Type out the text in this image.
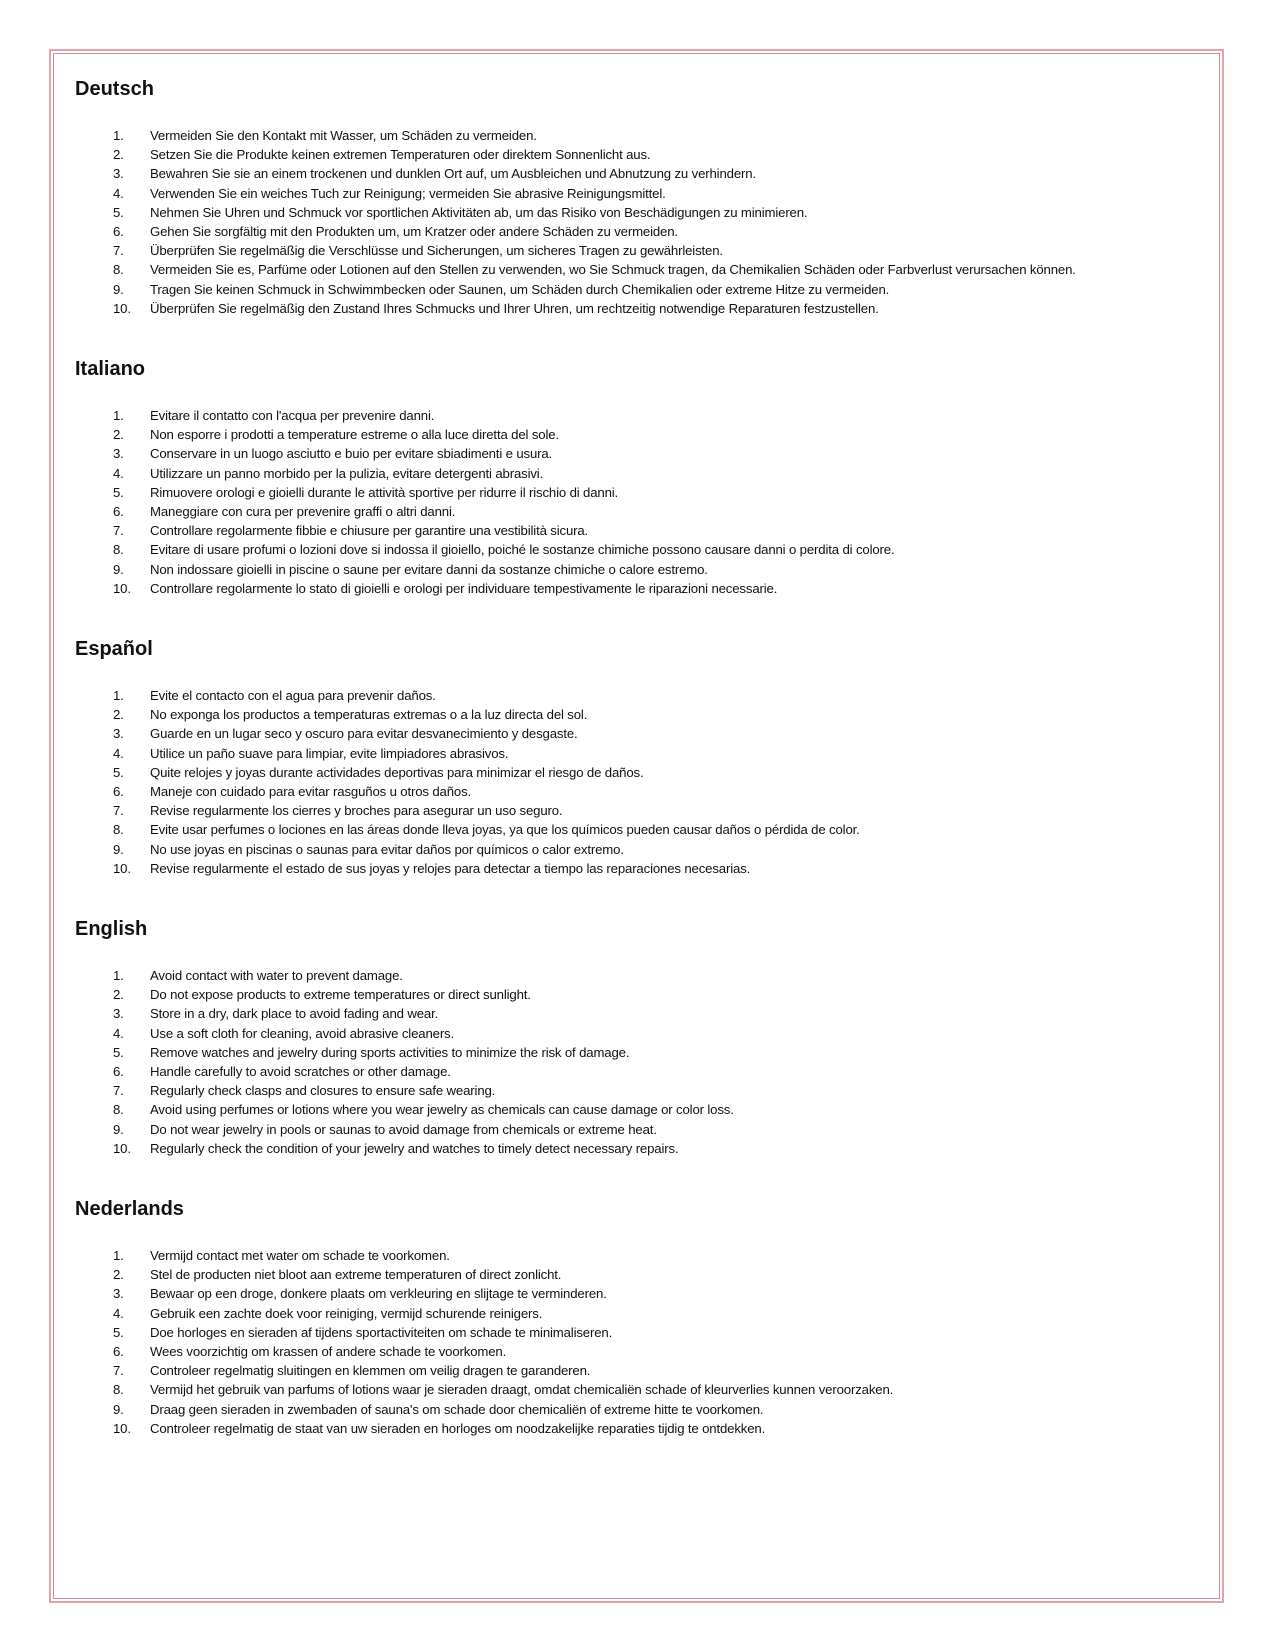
Deutsch
1.	Vermeiden Sie den Kontakt mit Wasser, um Schäden zu vermeiden.
2.	Setzen Sie die Produkte keinen extremen Temperaturen oder direktem Sonnenlicht aus.
3.	Bewahren Sie sie an einem trockenen und dunklen Ort auf, um Ausbleichen und Abnutzung zu verhindern.
4.	Verwenden Sie ein weiches Tuch zur Reinigung; vermeiden Sie abrasive Reinigungsmittel.
5.	Nehmen Sie Uhren und Schmuck vor sportlichen Aktivitäten ab, um das Risiko von Beschädigungen zu minimieren.
6.	Gehen Sie sorgfältig mit den Produkten um, um Kratzer oder andere Schäden zu vermeiden.
7.	Überprüfen Sie regelmäßig die Verschlüsse und Sicherungen, um sicheres Tragen zu gewährleisten.
8.	Vermeiden Sie es, Parfüme oder Lotionen auf den Stellen zu verwenden, wo Sie Schmuck tragen, da Chemikalien Schäden oder Farbverlust verursachen können.
9.	Tragen Sie keinen Schmuck in Schwimmbecken oder Saunen, um Schäden durch Chemikalien oder extreme Hitze zu vermeiden.
10.	Überprüfen Sie regelmäßig den Zustand Ihres Schmucks und Ihrer Uhren, um rechtzeitig notwendige Reparaturen festzustellen.
Italiano
1.	Evitare il contatto con l'acqua per prevenire danni.
2.	Non esporre i prodotti a temperature estreme o alla luce diretta del sole.
3.	Conservare in un luogo asciutto e buio per evitare sbiadimenti e usura.
4.	Utilizzare un panno morbido per la pulizia, evitare detergenti abrasivi.
5.	Rimuovere orologi e gioielli durante le attività sportive per ridurre il rischio di danni.
6.	Maneggiare con cura per prevenire graffi o altri danni.
7.	Controllare regolarmente fibbie e chiusure per garantire una vestibilità sicura.
8.	Evitare di usare profumi o lozioni dove si indossa il gioiello, poiché le sostanze chimiche possono causare danni o perdita di colore.
9.	Non indossare gioielli in piscine o saune per evitare danni da sostanze chimiche o calore estremo.
10.	Controllare regolarmente lo stato di gioielli e orologi per individuare tempestivamente le riparazioni necessarie.
Español
1.	Evite el contacto con el agua para prevenir daños.
2.	No exponga los productos a temperaturas extremas o a la luz directa del sol.
3.	Guarde en un lugar seco y oscuro para evitar desvanecimiento y desgaste.
4.	Utilice un paño suave para limpiar, evite limpiadores abrasivos.
5.	Quite relojes y joyas durante actividades deportivas para minimizar el riesgo de daños.
6.	Maneje con cuidado para evitar rasguños u otros daños.
7.	Revise regularmente los cierres y broches para asegurar un uso seguro.
8.	Evite usar perfumes o lociones en las áreas donde lleva joyas, ya que los químicos pueden causar daños o pérdida de color.
9.	No use joyas en piscinas o saunas para evitar daños por químicos o calor extremo.
10.	Revise regularmente el estado de sus joyas y relojes para detectar a tiempo las reparaciones necesarias.
English
1.	Avoid contact with water to prevent damage.
2.	Do not expose products to extreme temperatures or direct sunlight.
3.	Store in a dry, dark place to avoid fading and wear.
4.	Use a soft cloth for cleaning, avoid abrasive cleaners.
5.	Remove watches and jewelry during sports activities to minimize the risk of damage.
6.	Handle carefully to avoid scratches or other damage.
7.	Regularly check clasps and closures to ensure safe wearing.
8.	Avoid using perfumes or lotions where you wear jewelry as chemicals can cause damage or color loss.
9.	Do not wear jewelry in pools or saunas to avoid damage from chemicals or extreme heat.
10.	Regularly check the condition of your jewelry and watches to timely detect necessary repairs.
Nederlands
1.	Vermijd contact met water om schade te voorkomen.
2.	Stel de producten niet bloot aan extreme temperaturen of direct zonlicht.
3.	Bewaar op een droge, donkere plaats om verkleuring en slijtage te verminderen.
4.	Gebruik een zachte doek voor reiniging, vermijd schurende reinigers.
5.	Doe horloges en sieraden af tijdens sportactiviteiten om schade te minimaliseren.
6.	Wees voorzichtig om krassen of andere schade te voorkomen.
7.	Controleer regelmatig sluitingen en klemmen om veilig dragen te garanderen.
8.	Vermijd het gebruik van parfums of lotions waar je sieraden draagt, omdat chemicaliën schade of kleurverlies kunnen veroorzaken.
9.	Draag geen sieraden in zwembaden of sauna's om schade door chemicaliën of extreme hitte te voorkomen.
10.	Controleer regelmatig de staat van uw sieraden en horloges om noodzakelijke reparaties tijdig te ontdekken.
